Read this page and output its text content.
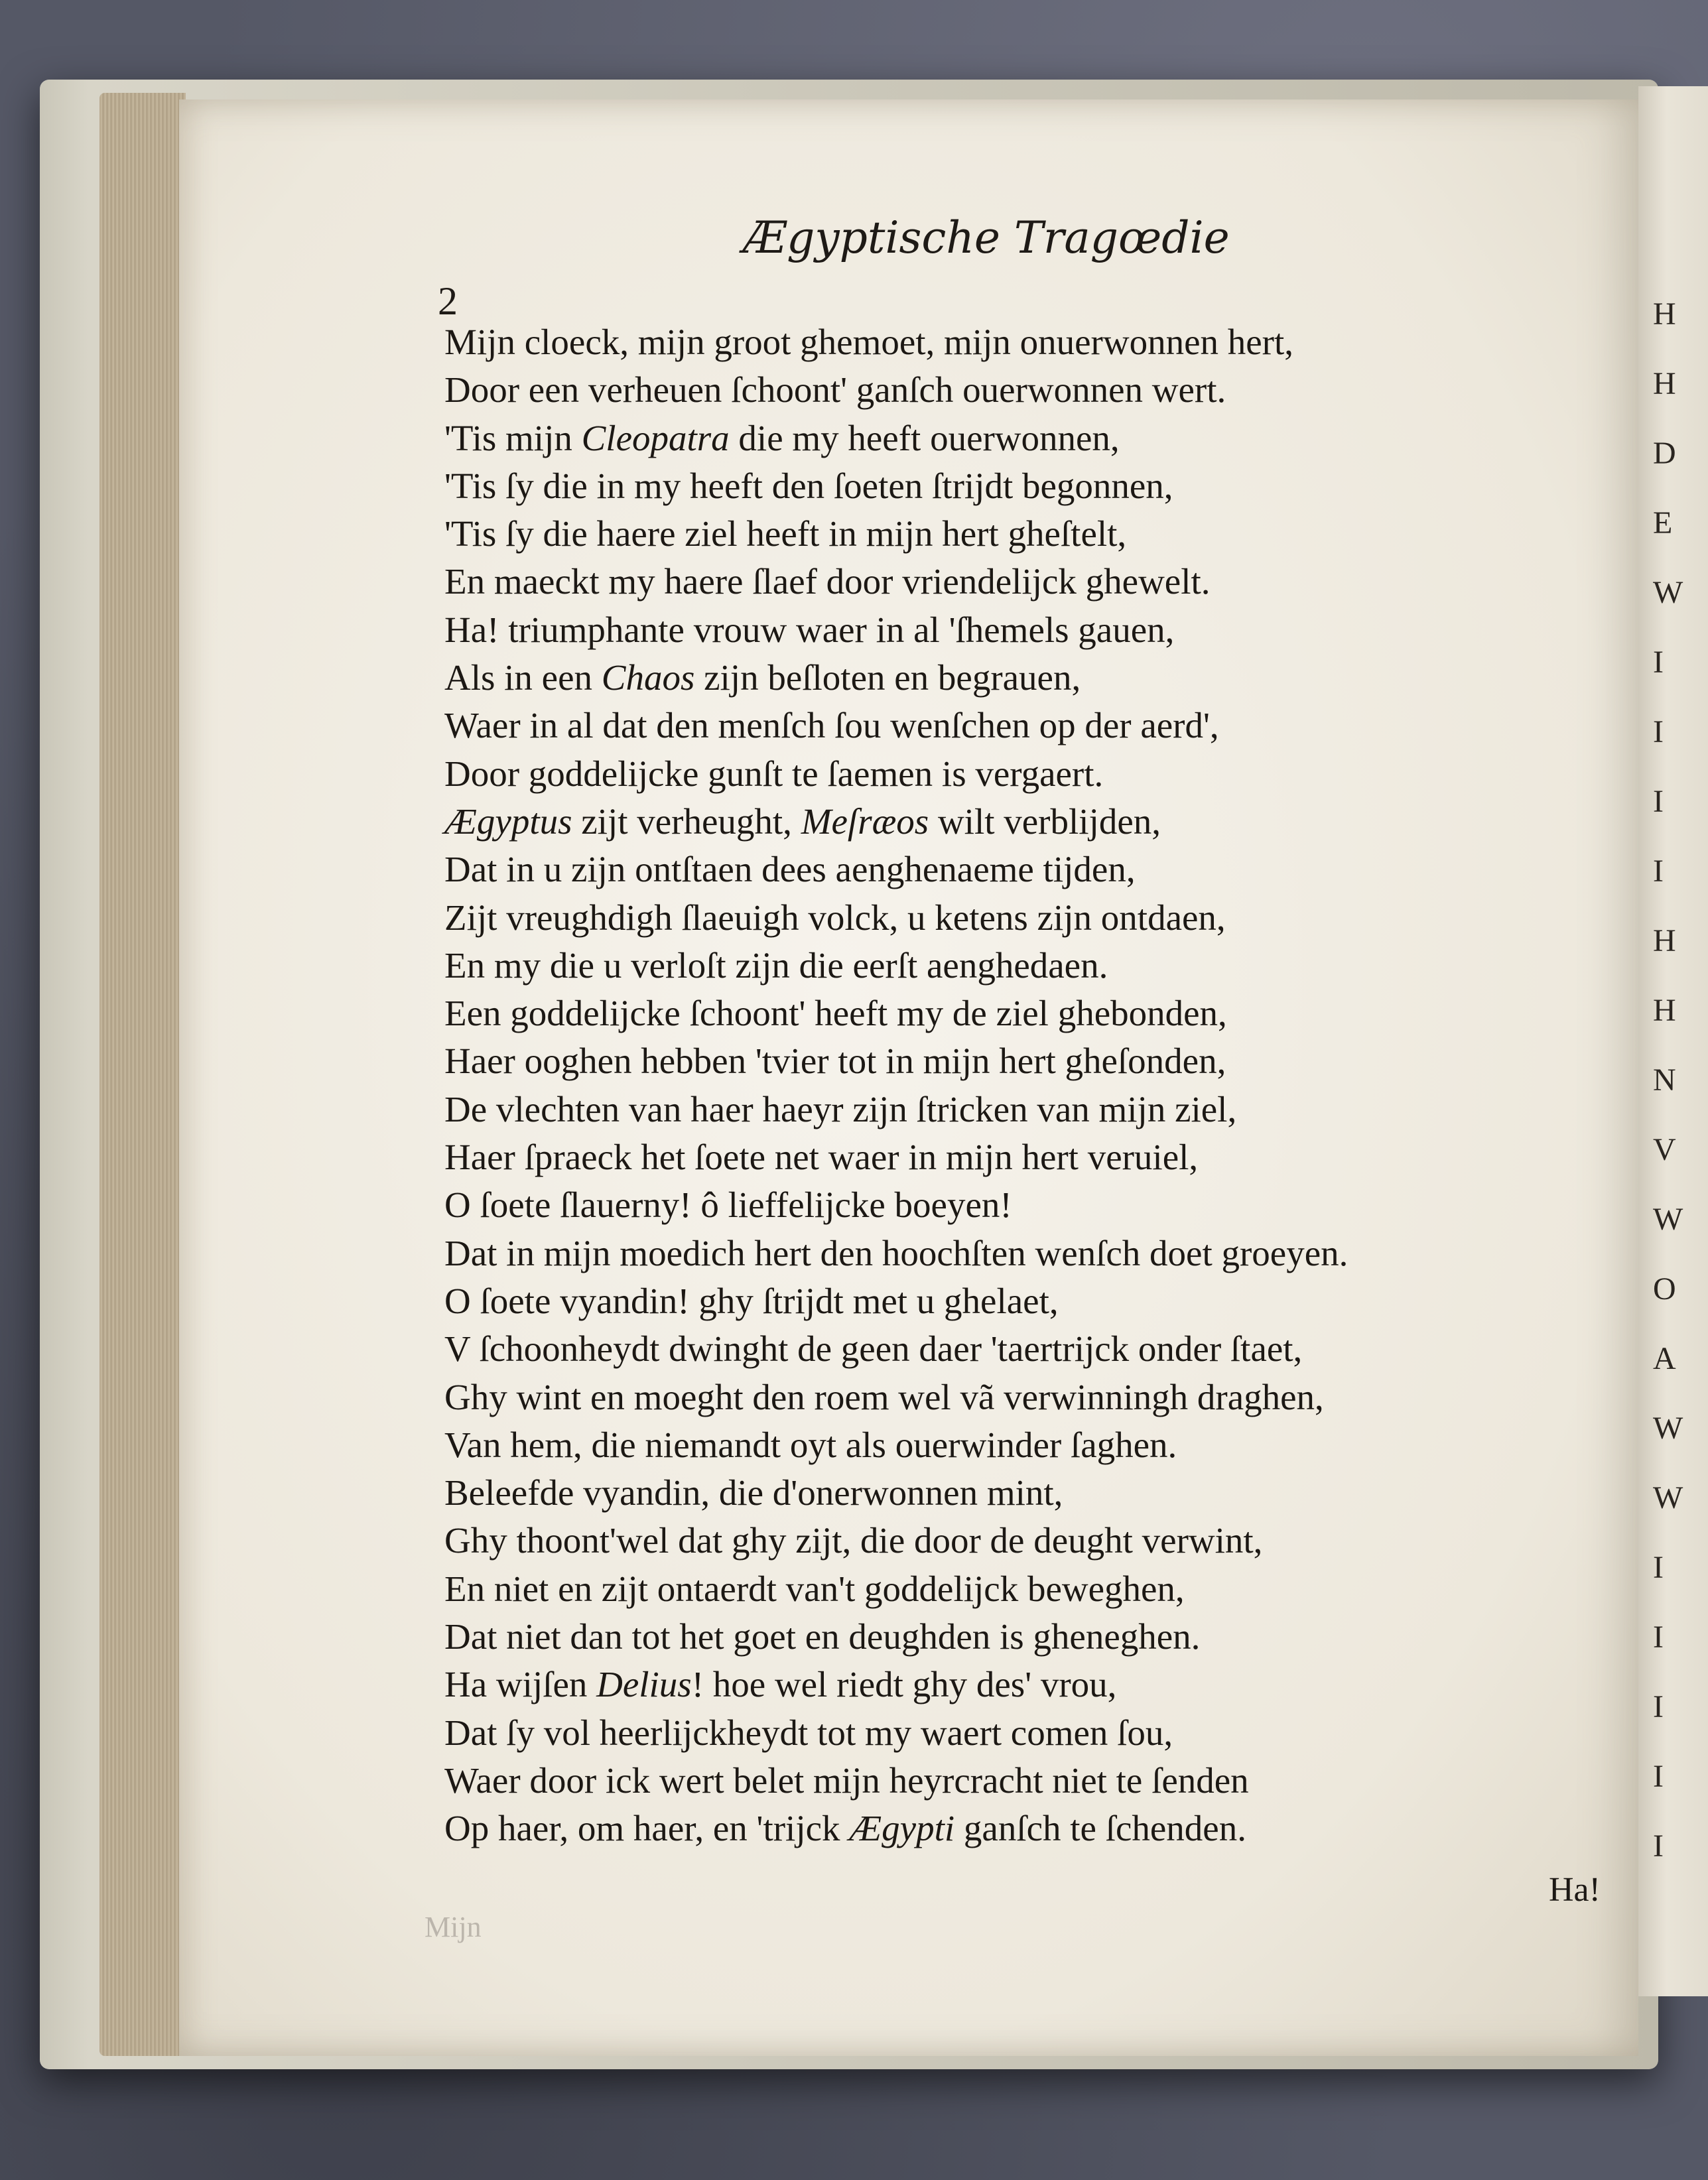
H
H
D
E
W
I
I
I
I
H
H
N
V
W
O
A
W
W
I
I
I
I
I
Ægyptische Tragœdie
2
Mijn cloeck, mijn groot ghemoet, mijn onuerwonnen hert,
Door een verheuen ſchoont' ganſch ouerwonnen wert.
'Tis mijn Cleopatra die my heeft ouerwonnen,
'Tis ſy die in my heeft den ſoeten ſtrijdt begonnen,
'Tis ſy die haere ziel heeft in mijn hert gheſtelt,
En maeckt my haere ſlaef door vriendelijck ghewelt.
Ha! triumphante vrouw waer in al 'ſhemels gauen,
Als in een Chaos zijn beſloten en begrauen,
Waer in al dat den menſch ſou wenſchen op der aerd',
Door goddelijcke gunſt te ſaemen is vergaert.
Ægyptus zijt verheught, Meſræos wilt verblijden,
Dat in u zijn ontſtaen dees aenghenaeme tijden,
Zijt vreughdigh ſlaeuigh volck, u ketens zijn ontdaen,
En my die u verloſt zijn die eerſt aenghedaen.
Een goddelijcke ſchoont' heeft my de ziel ghebonden,
Haer ooghen hebben 'tvier tot in mijn hert gheſonden,
De vlechten van haer haeyr zijn ſtricken van mijn ziel,
Haer ſpraeck het ſoete net waer in mijn hert veruiel,
O ſoete ſlauerny! ô lieffelijcke boeyen!
Dat in mijn moedich hert den hoochſten wenſch doet groeyen.
O ſoete vyandin! ghy ſtrijdt met u ghelaet,
V ſchoonheydt dwinght de geen daer 'taertrijck onder ſtaet,
Ghy wint en moeght den roem wel vã verwinningh draghen,
Van hem, die niemandt oyt als ouerwinder ſaghen.
Beleefde vyandin, die d'onerwonnen mint,
Ghy thoont'wel dat ghy zijt, die door de deught verwint,
En niet en zijt ontaerdt van't goddelijck beweghen,
Dat niet dan tot het goet en deughden is gheneghen.
Ha wijſen Delius! hoe wel riedt ghy des' vrou,
Dat ſy vol heerlijckheydt tot my waert comen ſou,
Waer door ick wert belet mijn heyrcracht niet te ſenden
Op haer, om haer, en 'trijck Ægypti ganſch te ſchenden.
Ha!
Mijn
